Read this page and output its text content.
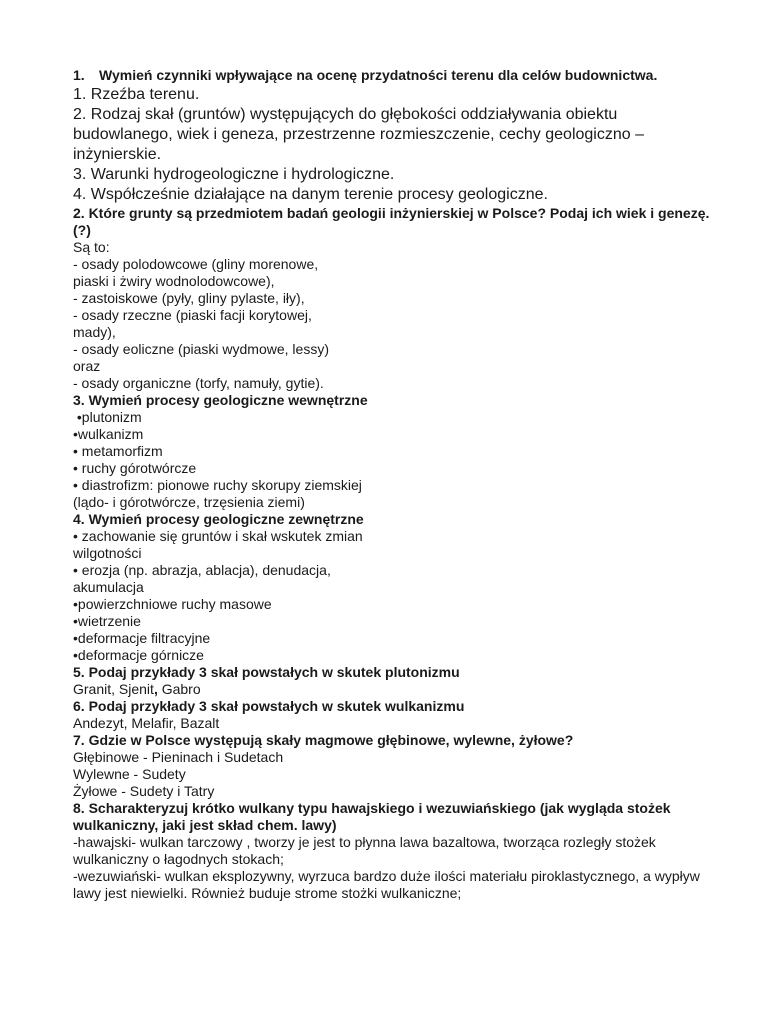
1.	Wymień czynniki wpływające na ocenę przydatności terenu dla celów budownictwa.
1. Rzeźba terenu.
2. Rodzaj skał (gruntów) występujących do głębokości oddziaływania obiektu budowlanego, wiek i geneza, przestrzenne rozmieszczenie, cechy geologiczno – inżynierskie.
3. Warunki hydrogeologiczne i hydrologiczne.
4. Współcześnie działające na danym terenie procesy geologiczne.
2. Które grunty są przedmiotem badań geologii inżynierskiej w Polsce? Podaj ich wiek i genezę. (?)
Są to:
- osady polodowcowe (gliny morenowe,
piaski i żwiry wodnolodowcowe),
- zastoiskowe (pyły, gliny pylaste, iły),
- osady rzeczne (piaski facji korytowej,
mady),
- osady eoliczne (piaski wydmowe, lessy)
oraz
- osady organiczne (torfy, namuły, gytie).
3. Wymień procesy geologiczne wewnętrzne
•plutonizm
•wulkanizm
• metamorfizm
• ruchy górotwórcze
• diastrofizm: pionowe ruchy skorupy ziemskiej
(lądo- i górotwórcze, trzęsienia ziemi)
4. Wymień procesy geologiczne zewnętrzne
• zachowanie się gruntów i skał wskutek zmian
wilgotności
• erozja (np. abrazja, ablacja), denudacja,
akumulacja
•powierzchniowe ruchy masowe
•wietrzenie
•deformacje filtracyjne
•deformacje górnicze
5. Podaj przykłady 3 skał powstałych w skutek plutonizmu
Granit, Sjenit, Gabro
6. Podaj przykłady 3 skał powstałych w skutek wulkanizmu
Andezyt, Melafir, Bazalt
7. Gdzie w Polsce występują skały magmowe głębinowe, wylewne, żyłowe?
Głębinowe - Pieninach i Sudetach
Wylewne - Sudety
Żyłowe - Sudety i Tatry
8. Scharakteryzuj krótko wulkany typu hawajskiego i wezuwiańskiego (jak wygląda stożek wulkaniczny, jaki jest skład chem. lawy)
-hawajski- wulkan tarczowy , tworzy je jest to płynna lawa bazaltowa, tworząca rozległy stożek wulkaniczny o łagodnych stokach;
-wezuwiański- wulkan eksplozywny, wyrzuca bardzo duże ilości materiału piroklastycznego, a wypływ lawy jest niewielki. Również buduje strome stożki wulkaniczne;
